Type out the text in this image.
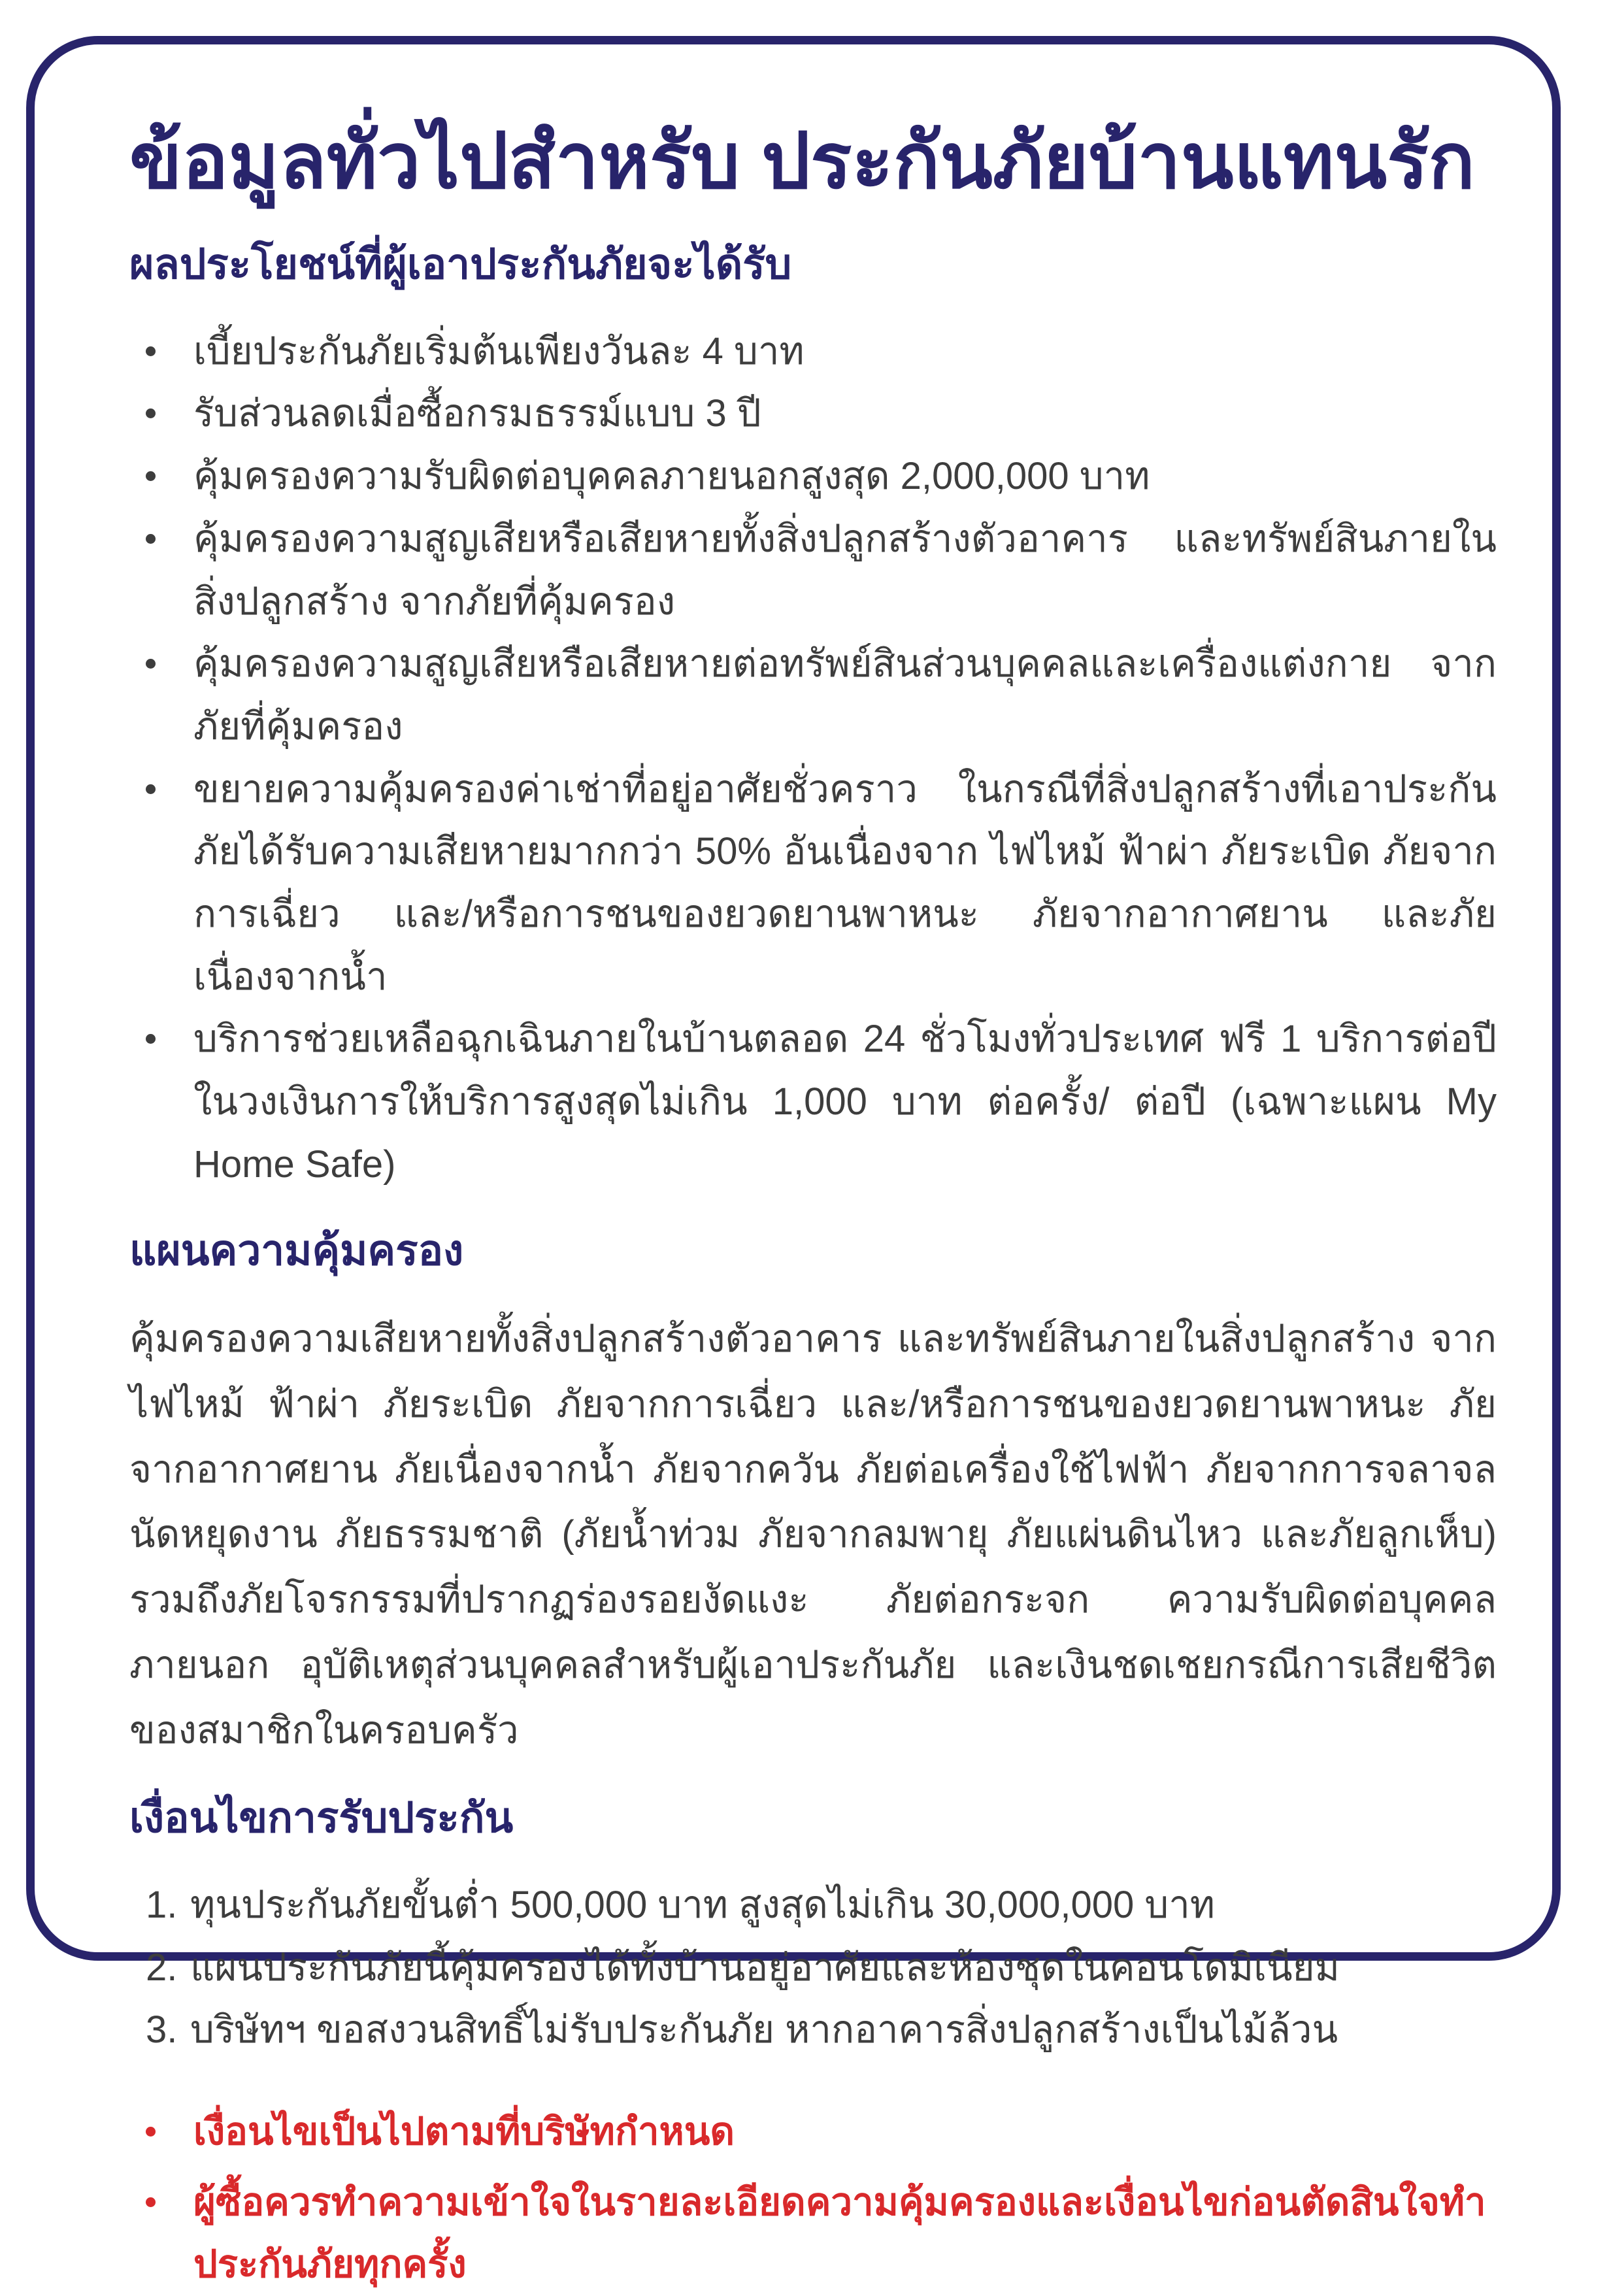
ข้อมูลทั่วไปสำหรับ ประกันภัยบ้านแทนรัก
ผลประโยชน์ที่ผู้เอาประกันภัยจะได้รับ
เบี้ยประกันภัยเริ่มต้นเพียงวันละ 4 บาท
รับส่วนลดเมื่อซื้อกรมธรรม์แบบ 3 ปี
คุ้มครองความรับผิดต่อบุคคลภายนอกสูงสุด 2,000,000 บาท
คุ้มครองความสูญเสียหรือเสียหายทั้งสิ่งปลูกสร้างตัวอาคาร และทรัพย์สินภายในสิ่งปลูกสร้าง จากภัยที่คุ้มครอง
คุ้มครองความสูญเสียหรือเสียหายต่อทรัพย์สินส่วนบุคคลและเครื่องแต่งกาย จากภัยที่คุ้มครอง
ขยายความคุ้มครองค่าเช่าที่อยู่อาศัยชั่วคราว ในกรณีที่สิ่งปลูกสร้างที่เอาประกันภัยได้รับความเสียหายมากกว่า 50% อันเนื่องจาก ไฟไหม้ ฟ้าผ่า ภัยระเบิด ภัยจากการเฉี่ยว และ/หรือการชนของยวดยานพาหนะ ภัยจากอากาศยาน และภัยเนื่องจากน้ำ
บริการช่วยเหลือฉุกเฉินภายในบ้านตลอด 24 ชั่วโมงทั่วประเทศ ฟรี 1 บริการต่อปี ในวงเงินการให้บริการสูงสุดไม่เกิน 1,000 บาท ต่อครั้ง/ ต่อปี (เฉพาะแผน My Home Safe)
แผนความคุ้มครอง

คุ้มครองความเสียหายทั้งสิ่งปลูกสร้างตัวอาคาร และทรัพย์สินภายในสิ่งปลูกสร้าง จากไฟไหม้ ฟ้าผ่า ภัยระเบิด ภัยจากการเฉี่ยว และ/หรือการชนของยวดยานพาหนะ ภัยจากอากาศยาน ภัยเนื่องจากน้ำ ภัยจากควัน ภัยต่อเครื่องใช้ไฟฟ้า ภัยจากการจลาจลนัดหยุดงาน ภัยธรรมชาติ (ภัยน้ำท่วม ภัยจากลมพายุ ภัยแผ่นดินไหว และภัยลูกเห็บ) รวมถึงภัยโจรกรรมที่ปรากฏร่องรอยงัดแงะ ภัยต่อกระจก ความรับผิดต่อบุคคลภายนอก อุบัติเหตุส่วนบุคคลสำหรับผู้เอาประกันภัย และเงินชดเชยกรณีการเสียชีวิตของสมาชิกในครอบครัว

เงื่อนไขการรับประกัน
1. ทุนประกันภัยขั้นต่ำ 500,000 บาท สูงสุดไม่เกิน 30,000,000 บาท
2. แผนประกันภัยนี้คุ้มครองได้ทั้งบ้านอยู่อาศัยและห้องชุดในคอนโดมิเนียม
3. บริษัทฯ ขอสงวนสิทธิ์ไม่รับประกันภัย หากอาคารสิ่งปลูกสร้างเป็นไม้ล้วน
เงื่อนไขเป็นไปตามที่บริษัทกำหนด
ผู้ซื้อควรทำความเข้าใจในรายละเอียดความคุ้มครองและเงื่อนไขก่อนตัดสินใจทำประกันภัยทุกครั้ง
